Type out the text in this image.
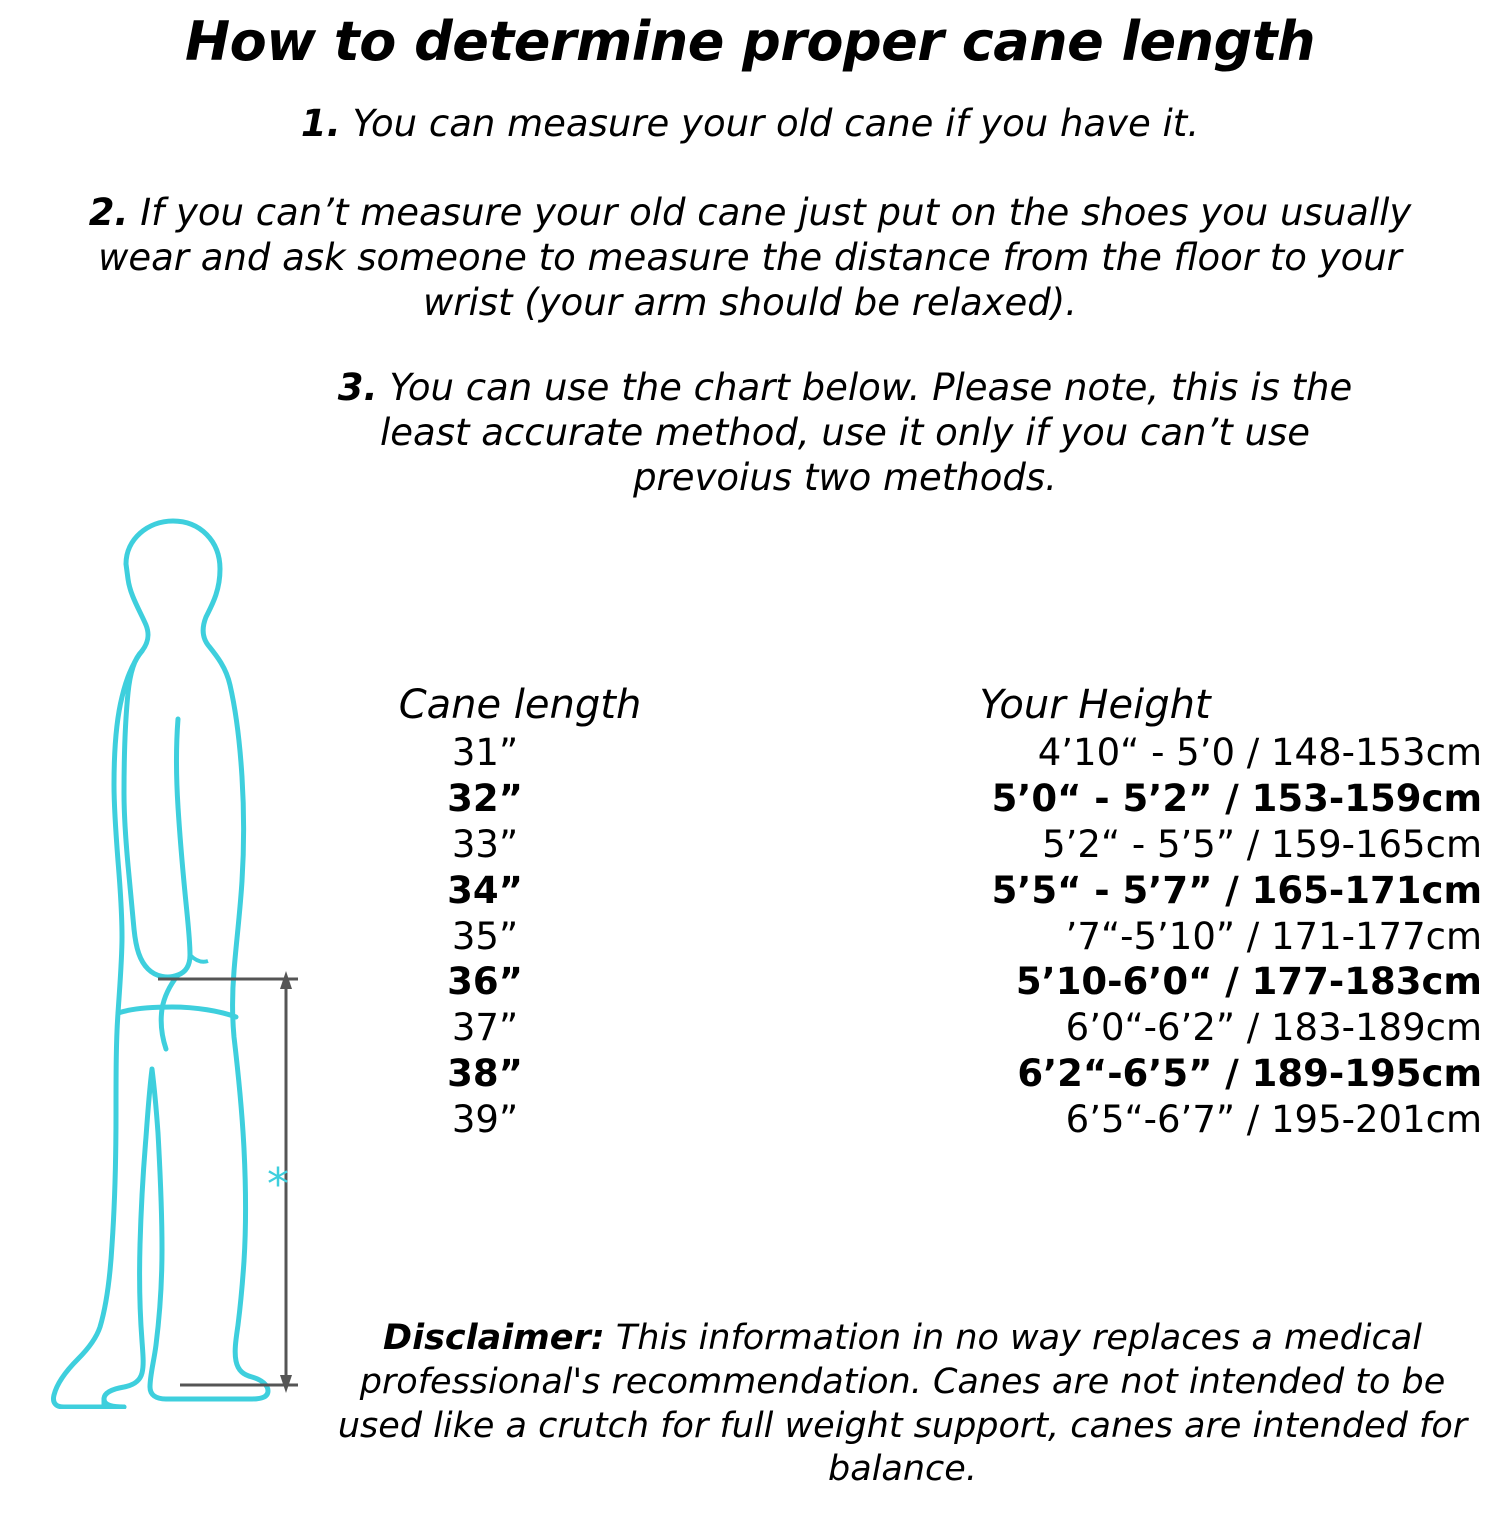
How to determine proper cane length

1. You can measure your old cane if you have it.

2. If you can’t measure your old cane just put on the shoes you usually wear and ask someone to measure the distance from the floor to your wrist (your arm should be relaxed).

3. You can use the chart below. Please note, this is the least accurate method, use it only if you can’t use prevoius two methods.

*
Cane length	Your Height
31”	4’10“ - 5’0 / 148-153cm
32”	5’0“ - 5’2” / 153-159cm
33”	5’2“ - 5’5” / 159-165cm
34”	5’5“ - 5’7” / 165-171cm
35”	’7“-5’10” / 171-177cm
36”	5’10-6’0“ / 177-183cm
37”	6’0“-6’2” / 183-189cm
38”	6’2“-6’5” / 189-195cm
39”	6’5“-6’7” / 195-201cm

Disclaimer: This information in no way replaces a medical professional's recommendation. Canes are not intended to be used like a crutch for full weight support, canes are intended for balance.
